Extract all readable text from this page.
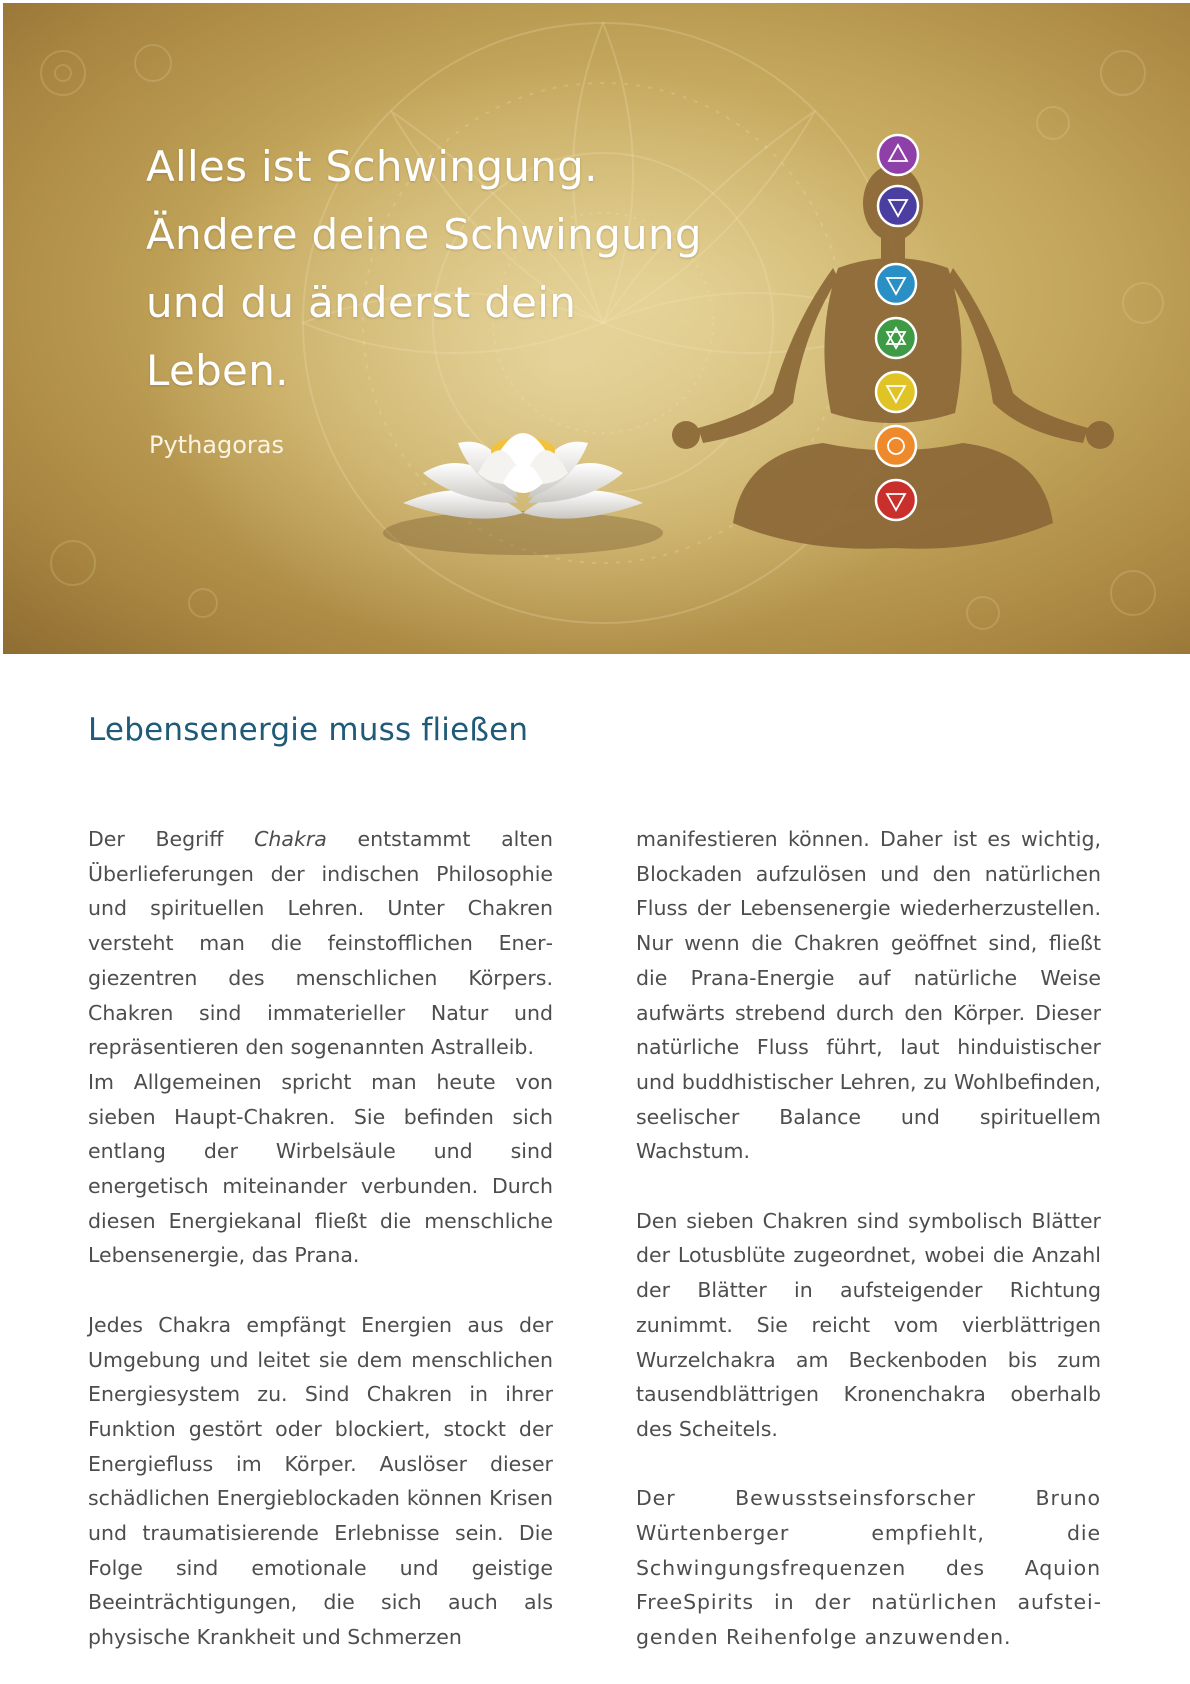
Alles ist Schwingung.
Ändere deine Schwingung
und du änderst dein
Leben.

Pythagoras

Lebensenergie muss fließen

Der Begriff Chakra entstammt alten Überlieferungen der indischen Philosophie und spirituellen Lehren. Unter Chakren versteht man die feinstofflichen Energiezentren des menschlichen Körpers. Chakren sind immaterieller Natur und repräsentieren den sogenannten Astralleib.

Im Allgemeinen spricht man heute von sieben Haupt-Chakren. Sie befinden sich entlang der Wirbelsäule und sind energetisch miteinander verbunden. Durch diesen Energiekanal fließt die menschliche Lebensenergie, das Prana.

Jedes Chakra empfängt Energien aus der Umgebung und leitet sie dem menschlichen Energiesystem zu. Sind Chakren in ihrer Funktion gestört oder blockiert, stockt der Energiefluss im Körper. Auslöser dieser schädlichen Energieblockaden können Krisen und traumatisierende Erlebnisse sein. Die Folge sind emotionale und geistige Beeinträchtigungen, die sich auch als physische Krankheit und Schmerzen

manifestieren können. Daher ist es wichtig, Blockaden aufzulösen und den natürlichen Fluss der Lebensenergie wiederherzustellen. Nur wenn die Chakren geöffnet sind, fließt die Prana-Energie auf natürliche Weise aufwärts strebend durch den Körper. Dieser natürliche Fluss führt, laut hinduistischer und buddhistischer Lehren, zu Wohlbefinden, seelischer Balance und spirituellem Wachstum.

Den sieben Chakren sind symbolisch Blätter der Lotusblüte zugeordnet, wobei die Anzahl der Blätter in aufsteigender Richtung zunimmt. Sie reicht vom vierblättrigen Wurzelchakra am Beckenboden bis zum tausendblättrigen Kronenchakra oberhalb des Scheitels.

Der Bewusstseinsforscher Bruno Würtenberger empfiehlt, die Schwingungsfrequenzen des Aquion FreeSpirits in der natürlichen aufsteigenden Reihenfolge anzuwenden.
